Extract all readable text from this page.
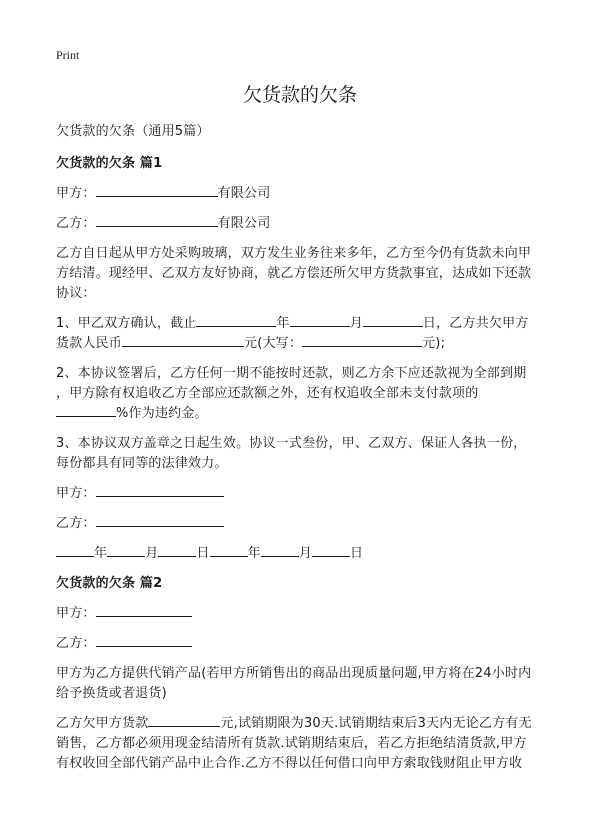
Print
欠货款的欠条
欠货款的欠条（通用5篇）
欠货款的欠条 篇1
甲方：	有限公司
乙方：	有限公司
乙方自日起从甲方处采购玻璃，双方发生业务往来多年，乙方至今仍有货款未向甲
方结清。现经甲、乙双方友好协商，就乙方偿还所欠甲方货款事宜，达成如下还款
协议：
1、甲乙双方确认，截止	年	月	日，乙方共欠甲方
货款人民币	元(大写：	元);
2、本协议签署后，乙方任何一期不能按时还款，则乙方余下应还款视为全部到期
，甲方除有权追收乙方全部应还款额之外，还有权追收全部未支付款项的
%作为违约金。
3、本协议双方盖章之日起生效。协议一式叁份，甲、乙双方、保证人各执一份，
每份都具有同等的法律效力。
甲方：
乙方：
年	月	日	年	月	日
欠货款的欠条 篇2
甲方：
乙方：
甲方为乙方提供代销产品(若甲方所销售出的商品出现质量问题,甲方将在24小时内
给予换货或者退货)
乙方欠甲方货款	元,试销期限为30天.试销期结束后3天内无论乙方有无
销售，乙方都必须用现金结清所有货款.试销期结束后，若乙方拒绝结清货款,甲方
有权收回全部代销产品中止合作.乙方不得以任何借口向甲方索取钱财阻止甲方收
